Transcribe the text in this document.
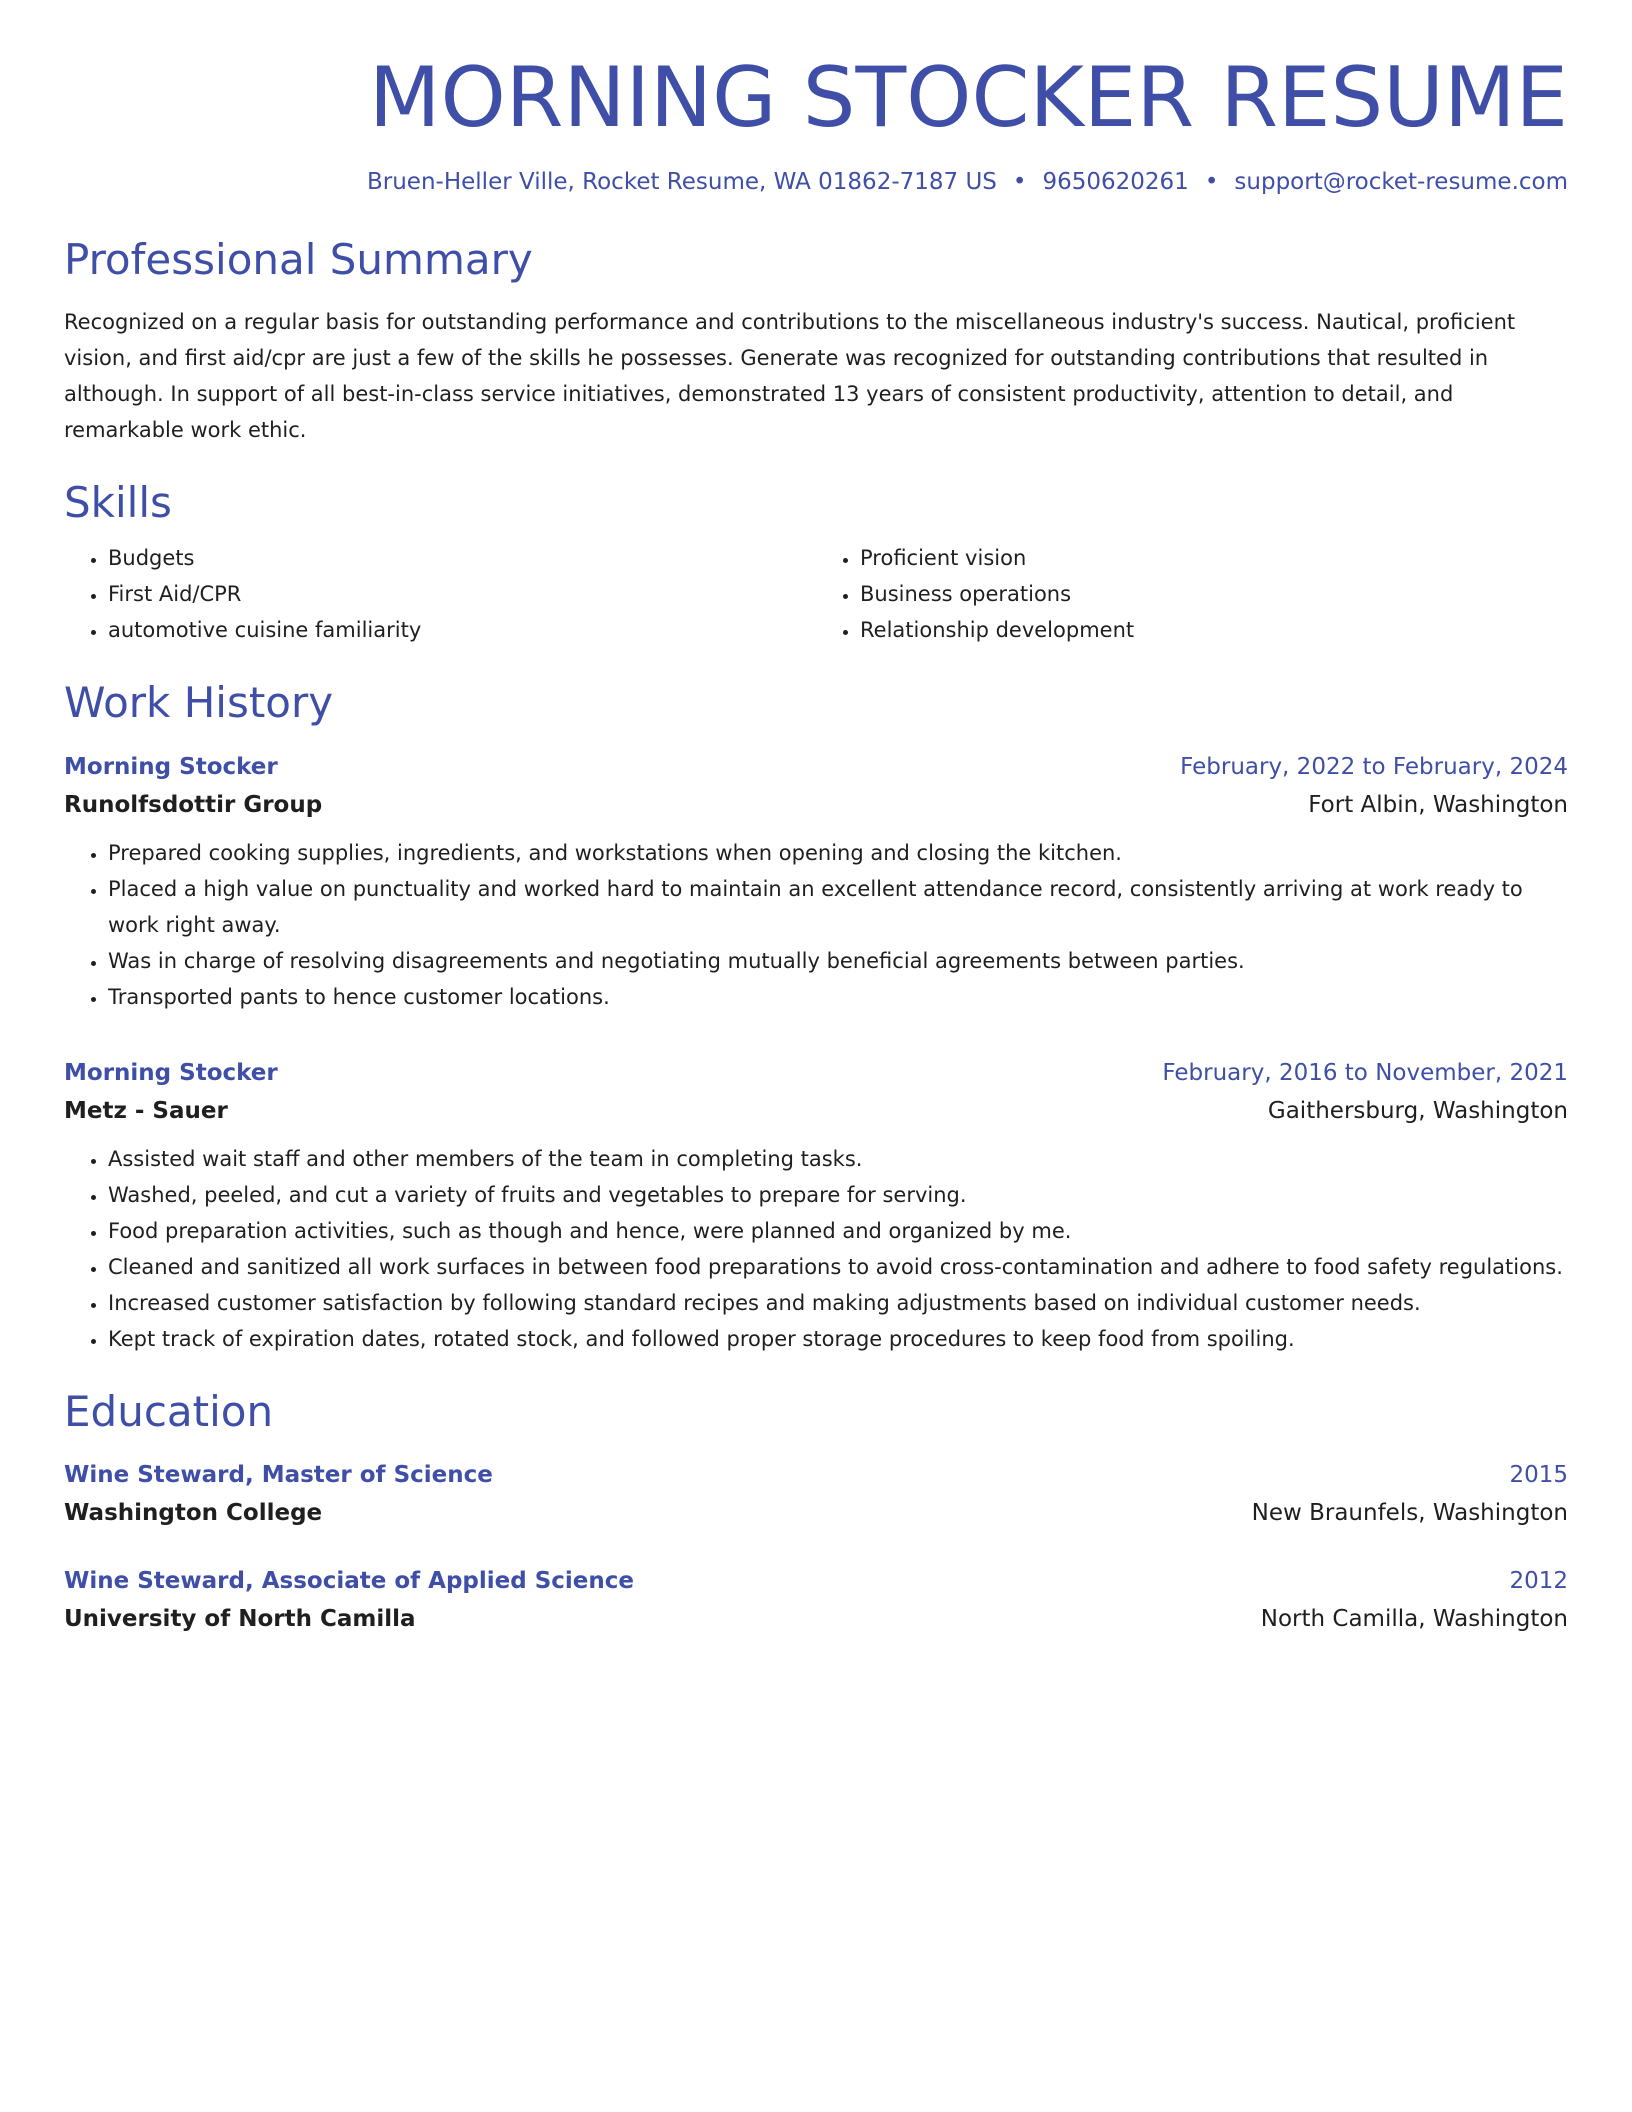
MORNING STOCKER RESUME
Bruen-Heller Ville, Rocket Resume, WA 01862-7187 US • 9650620261 • support@rocket-resume.com
Professional Summary
Recognized on a regular basis for outstanding performance and contributions to the miscellaneous industry's success. Nautical, proficient vision, and first aid/cpr are just a few of the skills he possesses. Generate was recognized for outstanding contributions that resulted in although. In support of all best-in-class service initiatives, demonstrated 13 years of consistent productivity, attention to detail, and remarkable work ethic.
Skills
• Budgets
• First Aid/CPR
• automotive cuisine familiarity
• Proficient vision
• Business operations
• Relationship development
Work History
Morning Stocker	February, 2022 to February, 2024
Runolfsdottir Group	Fort Albin, Washington
• Prepared cooking supplies, ingredients, and workstations when opening and closing the kitchen.
• Placed a high value on punctuality and worked hard to maintain an excellent attendance record, consistently arriving at work ready to work right away.
• Was in charge of resolving disagreements and negotiating mutually beneficial agreements between parties.
• Transported pants to hence customer locations.
Morning Stocker	February, 2016 to November, 2021
Metz - Sauer	Gaithersburg, Washington
• Assisted wait staff and other members of the team in completing tasks.
• Washed, peeled, and cut a variety of fruits and vegetables to prepare for serving.
• Food preparation activities, such as though and hence, were planned and organized by me.
• Cleaned and sanitized all work surfaces in between food preparations to avoid cross-contamination and adhere to food safety regulations.
• Increased customer satisfaction by following standard recipes and making adjustments based on individual customer needs.
• Kept track of expiration dates, rotated stock, and followed proper storage procedures to keep food from spoiling.
Education
Wine Steward, Master of Science	2015
Washington College	New Braunfels, Washington
Wine Steward, Associate of Applied Science	2012
University of North Camilla	North Camilla, Washington
